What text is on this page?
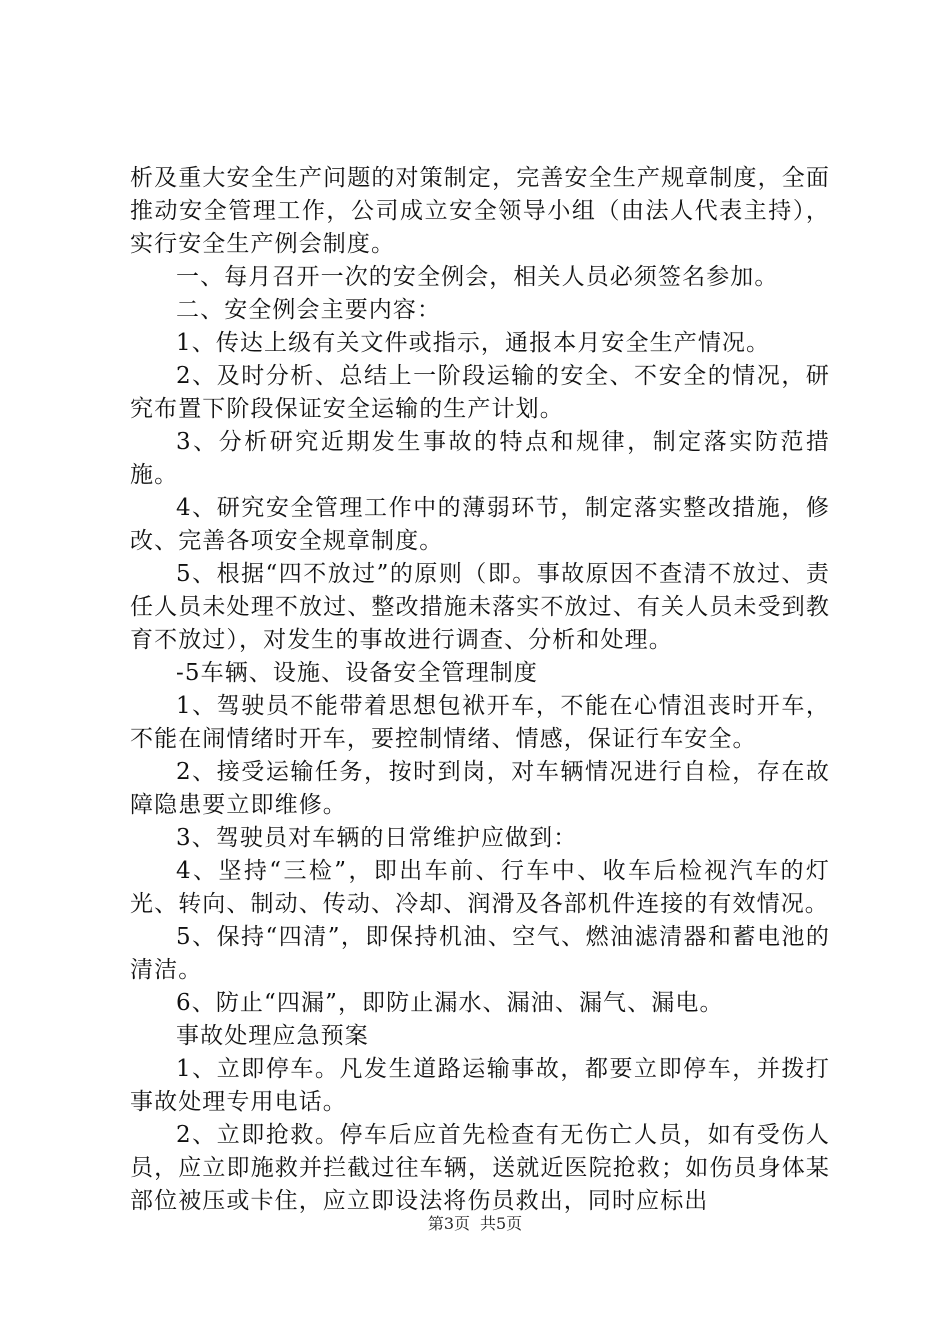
析及重大安全生产问题的对策制定，完善安全生产规章制度，全面推动安全管理工作，公司成立安全领导小组（由法人代表主持），实行安全生产例会制度。

一、每月召开一次的安全例会，相关人员必须签名参加。

二、安全例会主要内容：

1、传达上级有关文件或指示，通报本月安全生产情况。

2、及时分析、总结上一阶段运输的安全、不安全的情况，研究布置下阶段保证安全运输的生产计划。

3、分析研究近期发生事故的特点和规律，制定落实防范措施。

4、研究安全管理工作中的薄弱环节，制定落实整改措施，修改、完善各项安全规章制度。

5、根据“四不放过”的原则（即。事故原因不查清不放过、责任人员未处理不放过、整改措施未落实不放过、有关人员未受到教育不放过），对发生的事故进行调查、分析和处理。

-5车辆、设施、设备安全管理制度

1、驾驶员不能带着思想包袱开车，不能在心情沮丧时开车，不能在闹情绪时开车，要控制情绪、情感，保证行车安全。

2、接受运输任务，按时到岗，对车辆情况进行自检，存在故障隐患要立即维修。

3、驾驶员对车辆的日常维护应做到：

4、坚持“三检”，即出车前、行车中、收车后检视汽车的灯光、转向、制动、传动、冷却、润滑及各部机件连接的有效情况。

5、保持“四清”，即保持机油、空气、燃油滤清器和蓄电池的清洁。

6、防止“四漏”，即防止漏水、漏油、漏气、漏电。

事故处理应急预案

1、立即停车。凡发生道路运输事故，都要立即停车，并拨打事故处理专用电话。

2、立即抢救。停车后应首先检查有无伤亡人员，如有受伤人员，应立即施救并拦截过往车辆，送就近医院抢救；如伤员身体某部位被压或卡住，应立即设法将伤员救出，同时应标出

第3页 共5页
